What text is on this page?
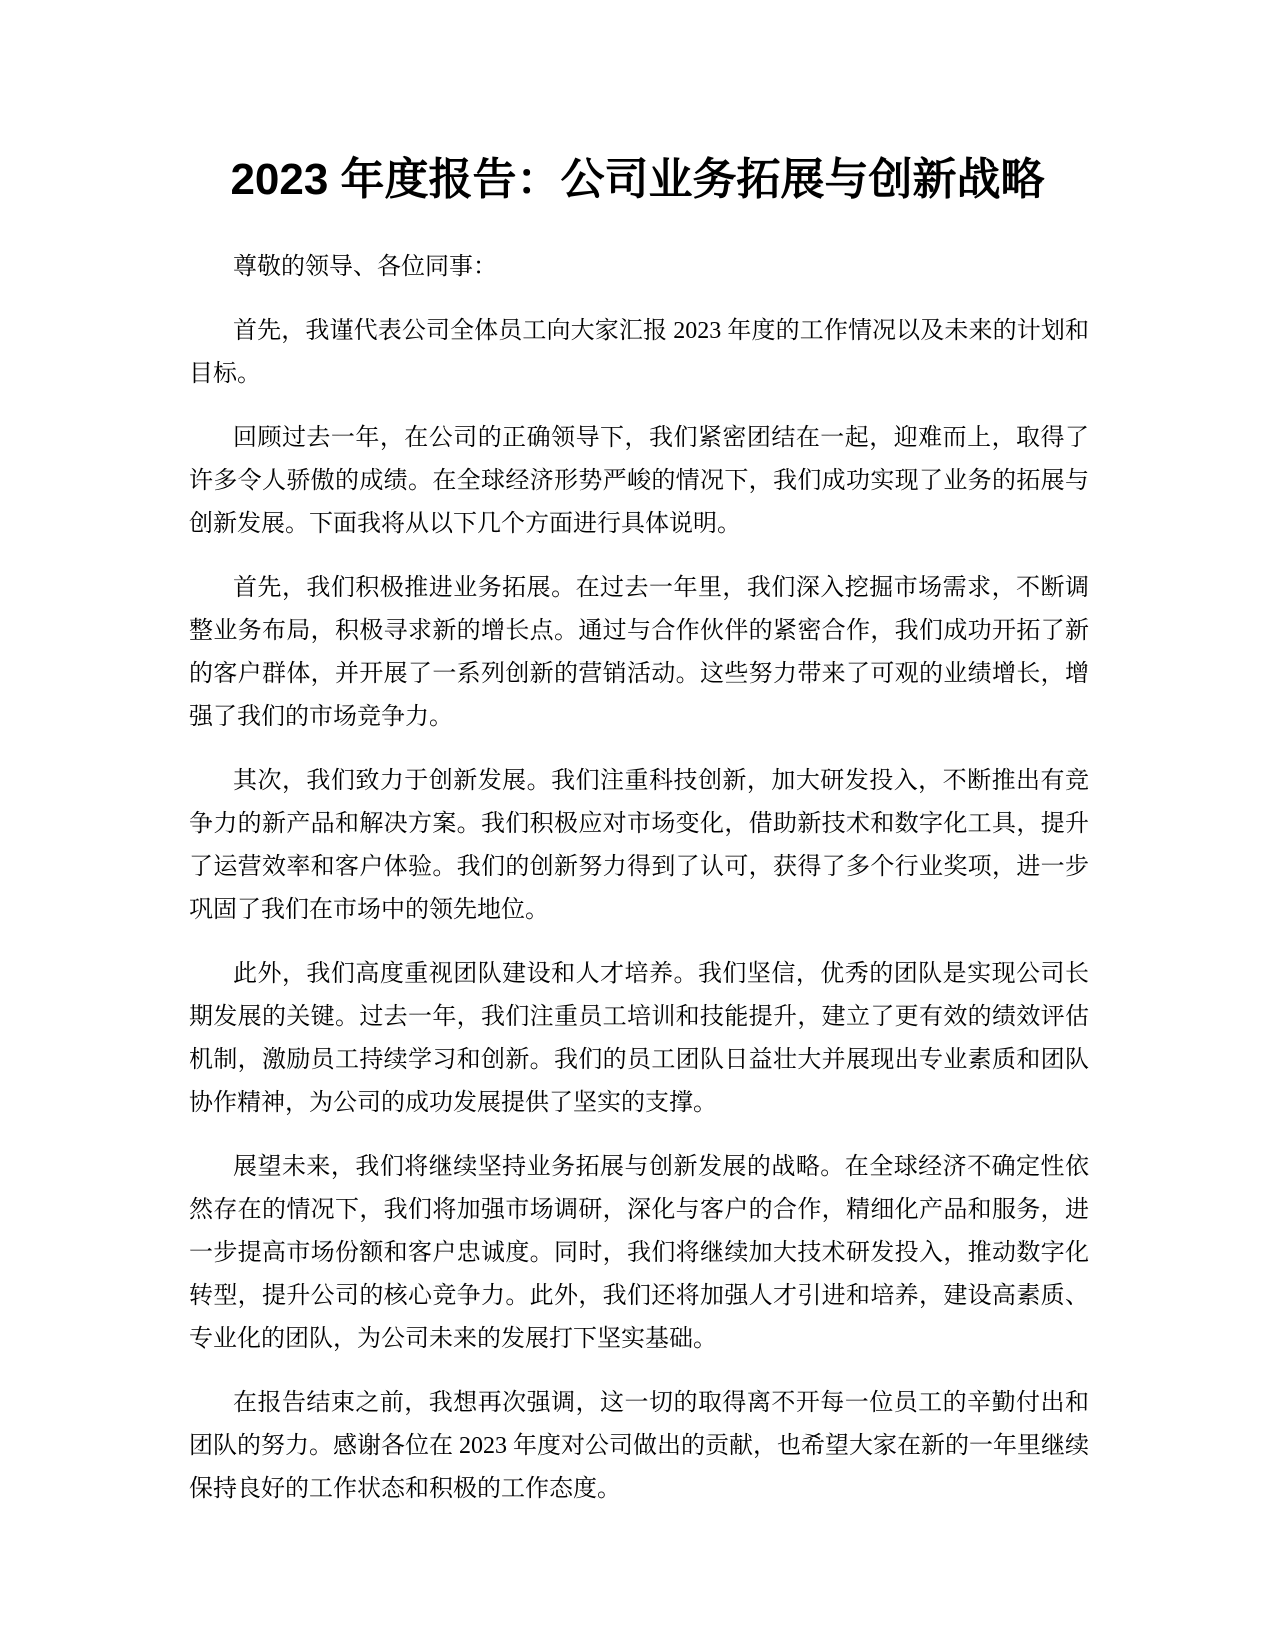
2023 年度报告：公司业务拓展与创新战略

尊敬的领导、各位同事：

首先，我谨代表公司全体员工向大家汇报 2023 年度的工作情况以及未来的计划和目标。

回顾过去一年，在公司的正确领导下，我们紧密团结在一起，迎难而上，取得了许多令人骄傲的成绩。在全球经济形势严峻的情况下，我们成功实现了业务的拓展与创新发展。下面我将从以下几个方面进行具体说明。

首先，我们积极推进业务拓展。在过去一年里，我们深入挖掘市场需求，不断调整业务布局，积极寻求新的增长点。通过与合作伙伴的紧密合作，我们成功开拓了新的客户群体，并开展了一系列创新的营销活动。这些努力带来了可观的业绩增长，增强了我们的市场竞争力。

其次，我们致力于创新发展。我们注重科技创新，加大研发投入，不断推出有竞争力的新产品和解决方案。我们积极应对市场变化，借助新技术和数字化工具，提升了运营效率和客户体验。我们的创新努力得到了认可，获得了多个行业奖项，进一步巩固了我们在市场中的领先地位。

此外，我们高度重视团队建设和人才培养。我们坚信，优秀的团队是实现公司长期发展的关键。过去一年，我们注重员工培训和技能提升，建立了更有效的绩效评估机制，激励员工持续学习和创新。我们的员工团队日益壮大并展现出专业素质和团队协作精神，为公司的成功发展提供了坚实的支撑。

展望未来，我们将继续坚持业务拓展与创新发展的战略。在全球经济不确定性依然存在的情况下，我们将加强市场调研，深化与客户的合作，精细化产品和服务，进一步提高市场份额和客户忠诚度。同时，我们将继续加大技术研发投入，推动数字化转型，提升公司的核心竞争力。此外，我们还将加强人才引进和培养，建设高素质、专业化的团队，为公司未来的发展打下坚实基础。

在报告结束之前，我想再次强调，这一切的取得离不开每一位员工的辛勤付出和团队的努力。感谢各位在 2023 年度对公司做出的贡献，也希望大家在新的一年里继续保持良好的工作状态和积极的工作态度。
